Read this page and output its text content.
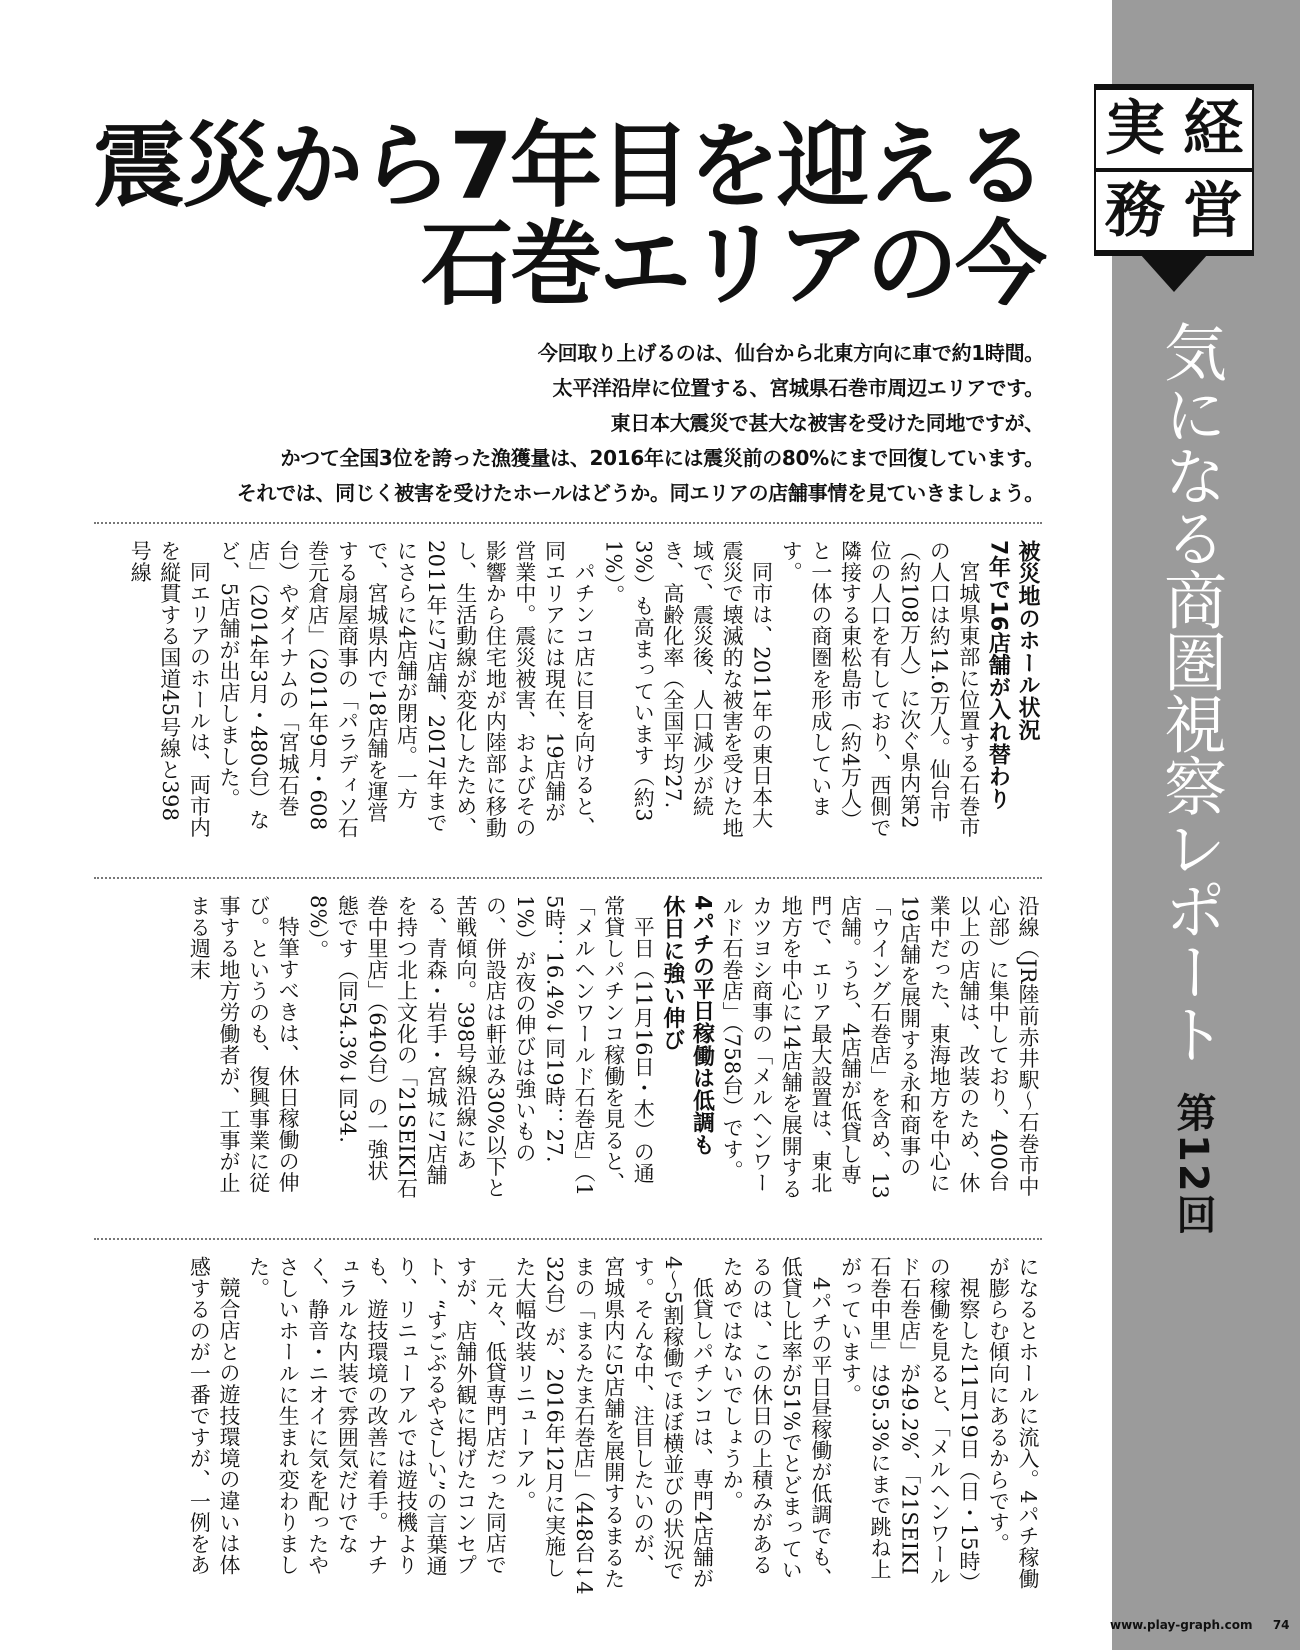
経
実
営
務
気になる商圏視察レポート
第12回
震災から7年目を迎える
石巻エリアの今
今回取り上げるのは、仙台から北東方向に車で約1時間。
太平洋沿岸に位置する、宮城県石巻市周辺エリアです。
東日本大震災で甚大な被害を受けた同地ですが、
かつて全国3位を誇った漁獲量は、2016年には震災前の80%にまで回復しています。
それでは、同じく被害を受けたホールはどうか。同エリアの店舗事情を見ていきましょう。
被災地のホール状況
7年で16店舗が入れ替わり

宮城県東部に位置する石巻市の人口は約14.6万人。仙台市（約108万人）に次ぐ県内第2位の人口を有しており、西側で隣接する東松島市（約4万人）と一体の商圏を形成しています。

同市は、2011年の東日本大震災で壊滅的な被害を受けた地域で、震災後、人口減少が続き、高齢化率（全国平均27.3%）も高まっています（約31%）。

パチンコ店に目を向けると、同エリアには現在、19店舗が営業中。震災被害、およびその影響から住宅地が内陸部に移動し、生活動線が変化したため、2011年に7店舗、2017年までにさらに4店舗が閉店。一方で、宮城県内で18店舗を運営する扇屋商事の「パラディソ石巻元倉店」（2011年9月・608台）やダイナムの「宮城石巻店」（2014年3月・480台）など、5店舗が出店しました。

同エリアのホールは、両市内を縦貫する国道45号線と398号線

沿線（JR陸前赤井駅〜石巻市中心部）に集中しており、400台以上の店舗は、改装のため、休業中だった、東海地方を中心に19店舗を展開する永和商事の「ウイング石巻店」を含め、13店舗。うち、4店舗が低貸し専門で、エリア最大設置は、東北地方を中心に14店舗を展開するカツヨシ商事の「メルヘンワールド石巻店」（758台）です。

4パチの平日稼働は低調も
休日に強い伸び

平日（11月16日・木）の通常貸しパチンコ稼働を見ると、「メルヘンワールド石巻店」（15時：16.4%↓同19時：27.1%）が夜の伸びは強いものの、併設店は軒並み30%以下と苦戦傾向。398号線沿線にある、青森・岩手・宮城に7店舗を持つ北上文化の「21SEIKI石巻中里店」（640台）の一強状態です（同54.3%↓同34.8%）。

特筆すべきは、休日稼働の伸び。というのも、復興事業に従事する地方労働者が、工事が止まる週末

になるとホールに流入。4パチ稼働が膨らむ傾向にあるからです。

視察した11月19日（日・15時）の稼働を見ると、「メルヘンワールド石巻店」が49.2%、「21SEIKI石巻中里」は95.3%にまで跳ね上がっています。

4パチの平日昼稼働が低調でも、低貸し比率が51%でとどまっているのは、この休日の上積みがあるためではないでしょうか。

低貸しパチンコは、専門4店舗が4〜5割稼働でほぼ横並びの状況です。そんな中、注目したいのが、宮城県内に5店舗を展開するまるたまの「まるたま石巻店」（448台↓432台）が、2016年12月に実施した大幅改装リニューアル。

元々、低貸専門店だった同店ですが、店舗外観に掲げたコンセプト、“すごぶるやさしい”の言葉通り、リニューアルでは遊技機よりも、遊技環境の改善に着手。ナチュラルな内装で雰囲気だけでなく、静音・ニオイに気を配ったやさしいホールに生まれ変わりました。

競合店との遊技環境の違いは体感するのが一番ですが、一例をあ

www.play-graph.com 74
